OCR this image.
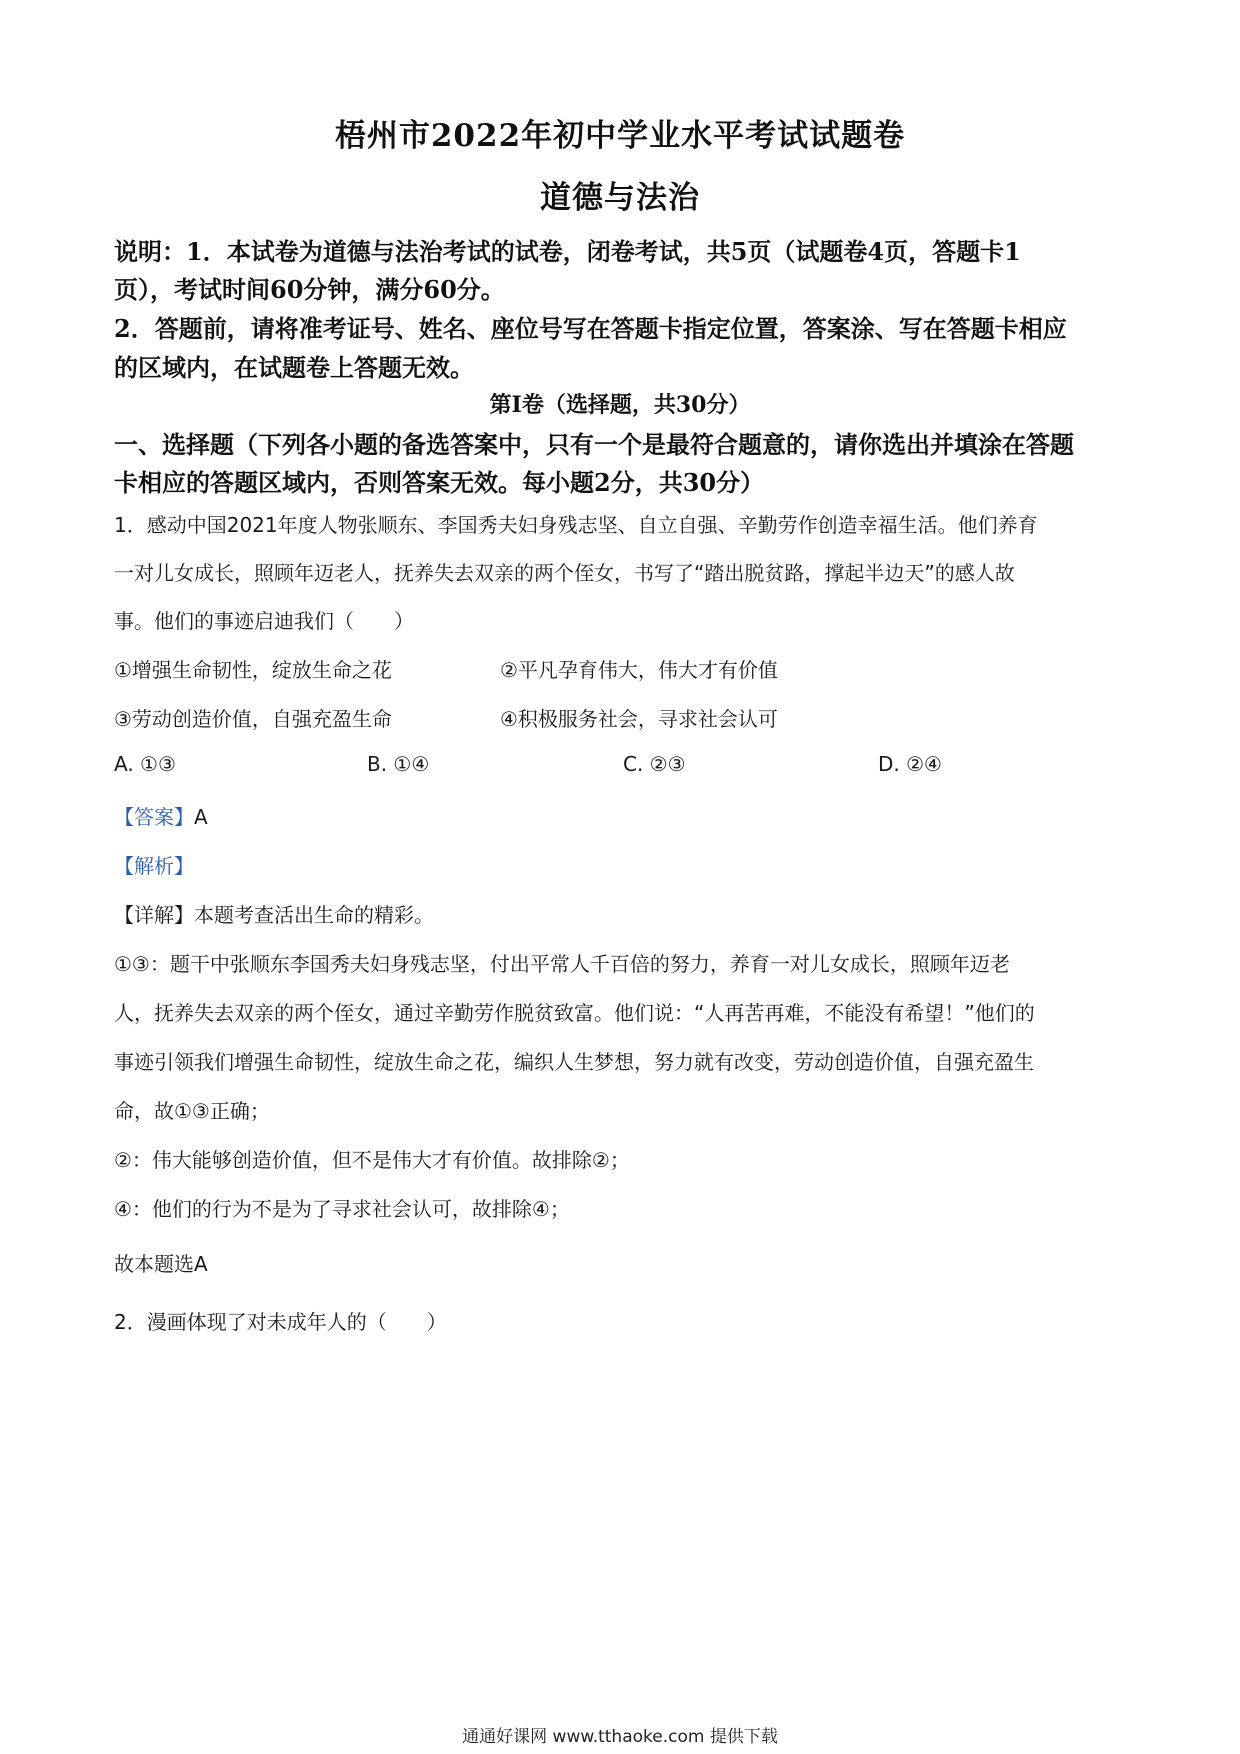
梧州市2022年初中学业水平考试试题卷
道德与法治
说明：1．本试卷为道德与法治考试的试卷，闭卷考试，共5页（试题卷4页，答题卡1
页），考试时间60分钟，满分60分。
2．答题前，请将准考证号、姓名、座位号写在答题卡指定位置，答案涂、写在答题卡相应
的区域内，在试题卷上答题无效。
第Ⅰ卷（选择题，共30分）
一、选择题（下列各小题的备选答案中，只有一个是最符合题意的，请你选出并填涂在答题
卡相应的答题区域内，否则答案无效。每小题2分，共30分）
1．感动中国2021年度人物张顺东、李国秀夫妇身残志坚、自立自强、辛勤劳作创造幸福生活。他们养育
一对儿女成长，照顾年迈老人，抚养失去双亲的两个侄女，书写了“踏出脱贫路，撑起半边天”的感人故
事。他们的事迹启迪我们（　　）
①增强生命韧性，绽放生命之花	②平凡孕育伟大，伟大才有价值
③劳动创造价值，自强充盈生命	④积极服务社会，寻求社会认可
A. ①③	B. ①④	C. ②③	D. ②④
【答案】A
【解析】
【详解】本题考查活出生命的精彩。
①③：题干中张顺东李国秀夫妇身残志坚，付出平常人千百倍的努力，养育一对儿女成长，照顾年迈老
人，抚养失去双亲的两个侄女，通过辛勤劳作脱贫致富。他们说：“人再苦再难，不能没有希望！”他们的
事迹引领我们增强生命韧性，绽放生命之花，编织人生梦想，努力就有改变，劳动创造价值，自强充盈生
命，故①③正确；
②：伟大能够创造价值，但不是伟大才有价值。故排除②；
④：他们的行为不是为了寻求社会认可，故排除④；
故本题选A
2．漫画体现了对未成年人的（　　）
通通好课网 www.tthaoke.com 提供下载
